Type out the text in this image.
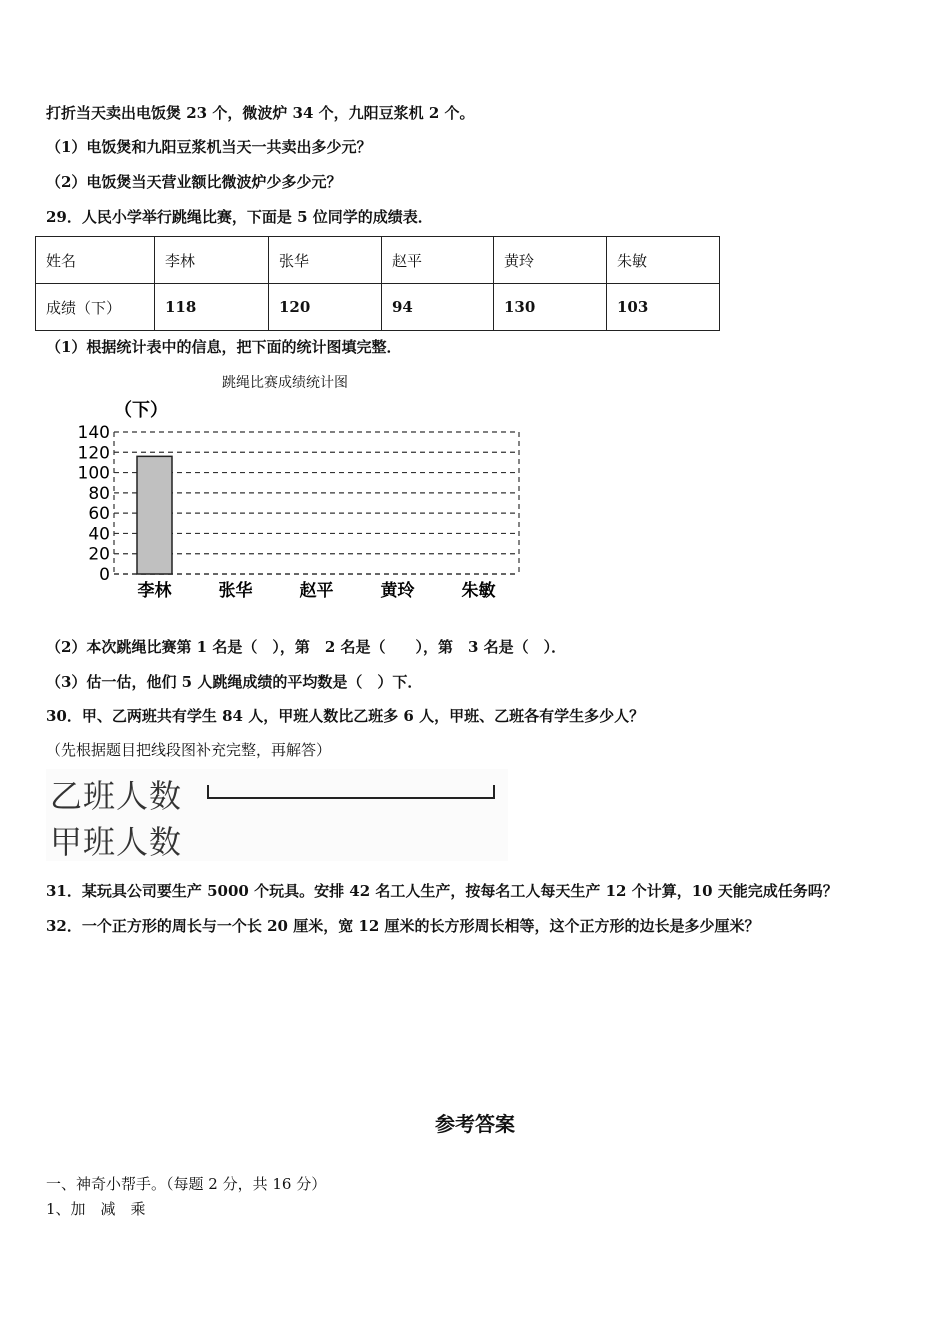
打折当天卖出电饭煲 23 个，微波炉 34 个，九阳豆浆机 2 个。
（1）电饭煲和九阳豆浆机当天一共卖出多少元？
（2）电饭煲当天营业额比微波炉少多少元？
29．人民小学举行跳绳比赛，下面是 5 位同学的成绩表．
姓名	李林	张华	赵平	黄玲	朱敏
成绩（下）	118	120	94	130	103
（1）根据统计表中的信息，把下面的统计图填完整．
跳绳比赛成绩统计图
（下）
0
20
40
60
80
100
120
140
李林	张华	赵平	黄玲	朱敏
（2）本次跳绳比赛第 1 名是（　），第　2 名是（　　），第　3 名是（　）．
（3）估一估，他们 5 人跳绳成绩的平均数是（　）下．
30．甲、乙两班共有学生 84 人，甲班人数比乙班多 6 人，甲班、乙班各有学生多少人？
（先根据题目把线段图补充完整，再解答）
乙班人数
甲班人数
31．某玩具公司要生产 5000 个玩具。安排 42 名工人生产，按每名工人每天生产 12 个计算，10 天能完成任务吗？
32．一个正方形的周长与一个长 20 厘米，宽 12 厘米的长方形周长相等，这个正方形的边长是多少厘米？
参考答案
一、神奇小帮手。（每题 2 分，共 16 分）
1、加　减　乘
